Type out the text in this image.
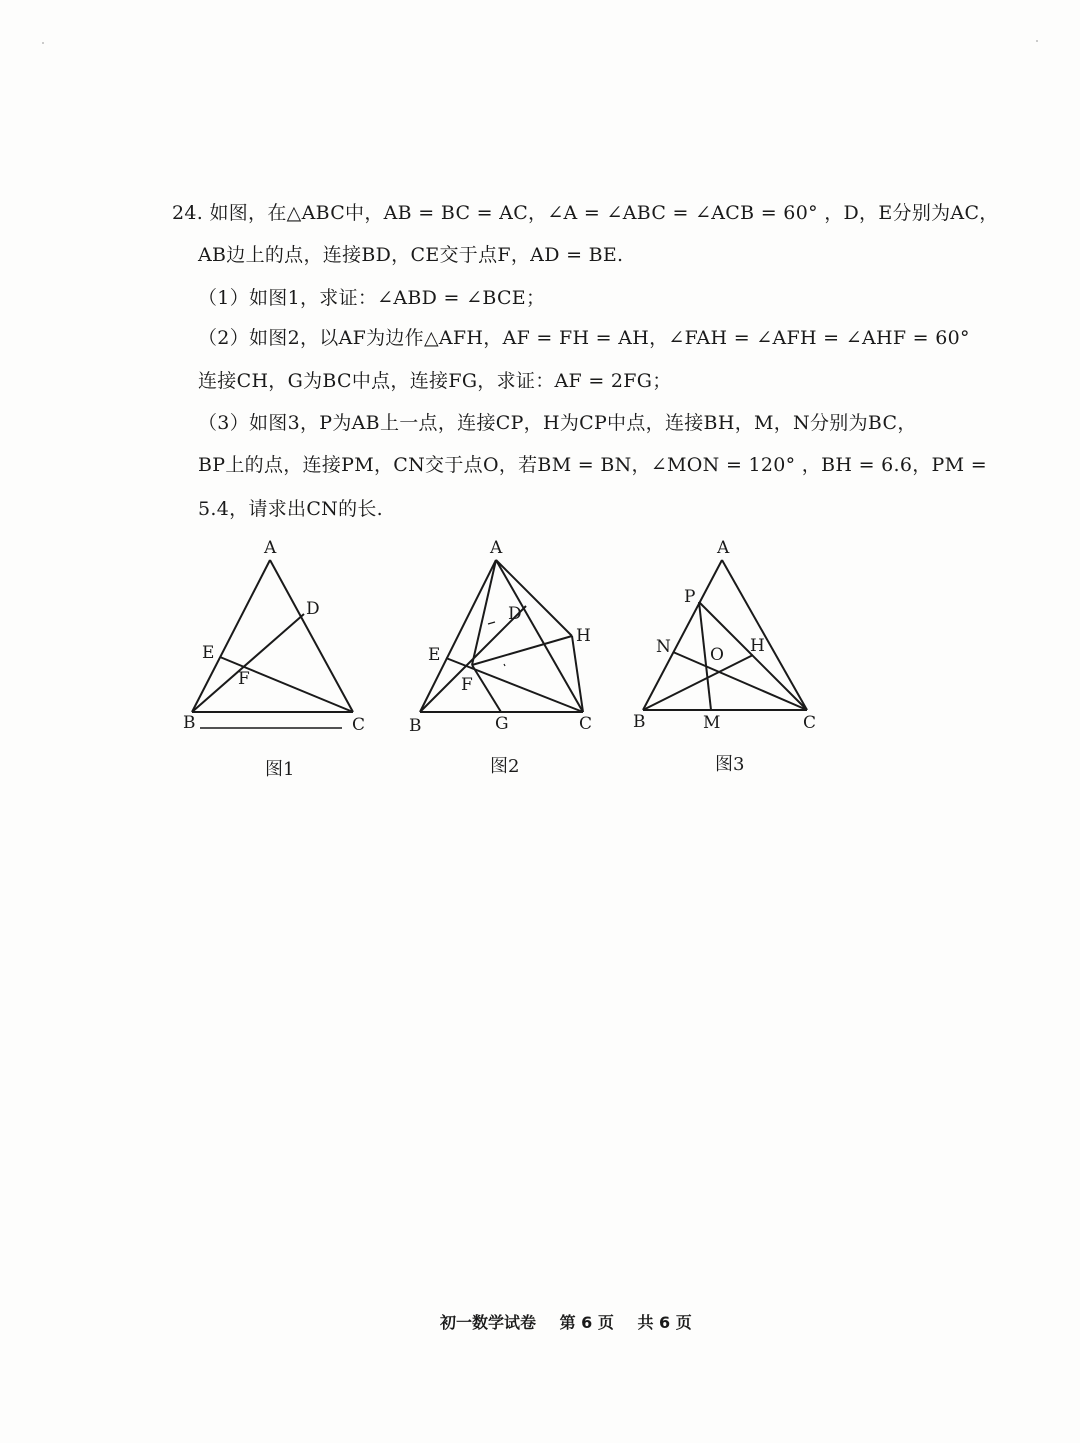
24. 如图，在△ABC中，AB = BC = AC，∠A = ∠ABC = ∠ACB = 60° ，D，E分别为AC，
AB边上的点，连接BD，CE交于点F，AD = BE.
（1）如图1，求证：∠ABD = ∠BCE；
（2）如图2，以AF为边作△AFH，AF = FH = AH，∠FAH = ∠AFH = ∠AHF = 60°
连接CH，G为BC中点，连接FG，求证：AF = 2FG；
（3）如图3，P为AB上一点，连接CP，H为CP中点，连接BH，M，N分别为BC，
BP上的点，连接PM，CN交于点O，若BM = BN，∠MON = 120° ，BH = 6.6，PM =
5.4，请求出CN的长.
A
D
E
F
B	C
图1
A
D
H
E
F
B	G	C
图2
A
P
N O H
B	M	C
图3
初一数学试卷 第 6 页 共 6 页
